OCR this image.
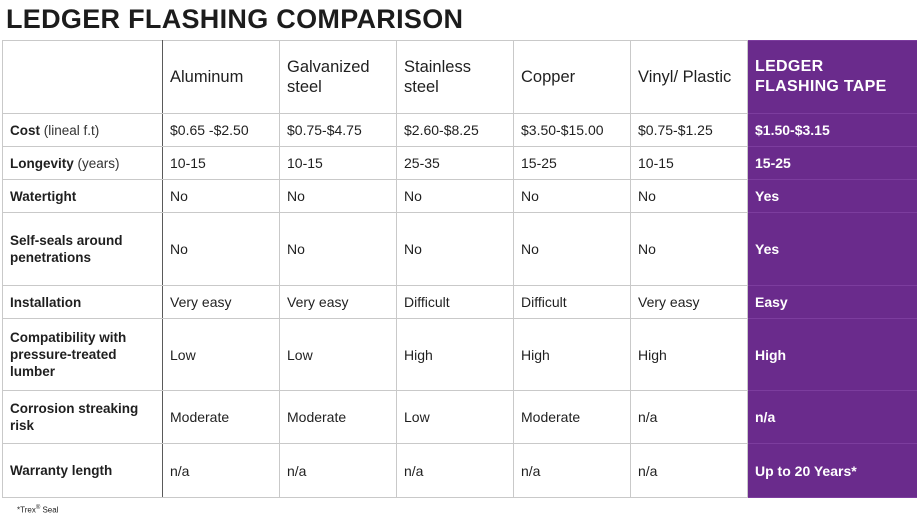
LEDGER FLASHING COMPARISON
	Aluminum	Galvanized steel	Stainless steel	Copper	Vinyl/ Plastic	LEDGER FLASHING TAPE
Cost (lineal f.t)	$0.65 -$2.50	$0.75-$4.75	$2.60-$8.25	$3.50-$15.00	$0.75-$1.25	$1.50-$3.15
Longevity (years)	10-15	10-15	25-35	15-25	10-15	15-25
Watertight	No	No	No	No	No	Yes
Self-seals around penetrations	No	No	No	No	No	Yes
Installation	Very easy	Very easy	Difficult	Difficult	Very easy	Easy
Compatibility with pressure-treated lumber	Low	Low	High	High	High	High
Corrosion streaking risk	Moderate	Moderate	Low	Moderate	n/a	n/a
Warranty length	n/a	n/a	n/a	n/a	n/a	Up to 20 Years*
*Trex® Seal
